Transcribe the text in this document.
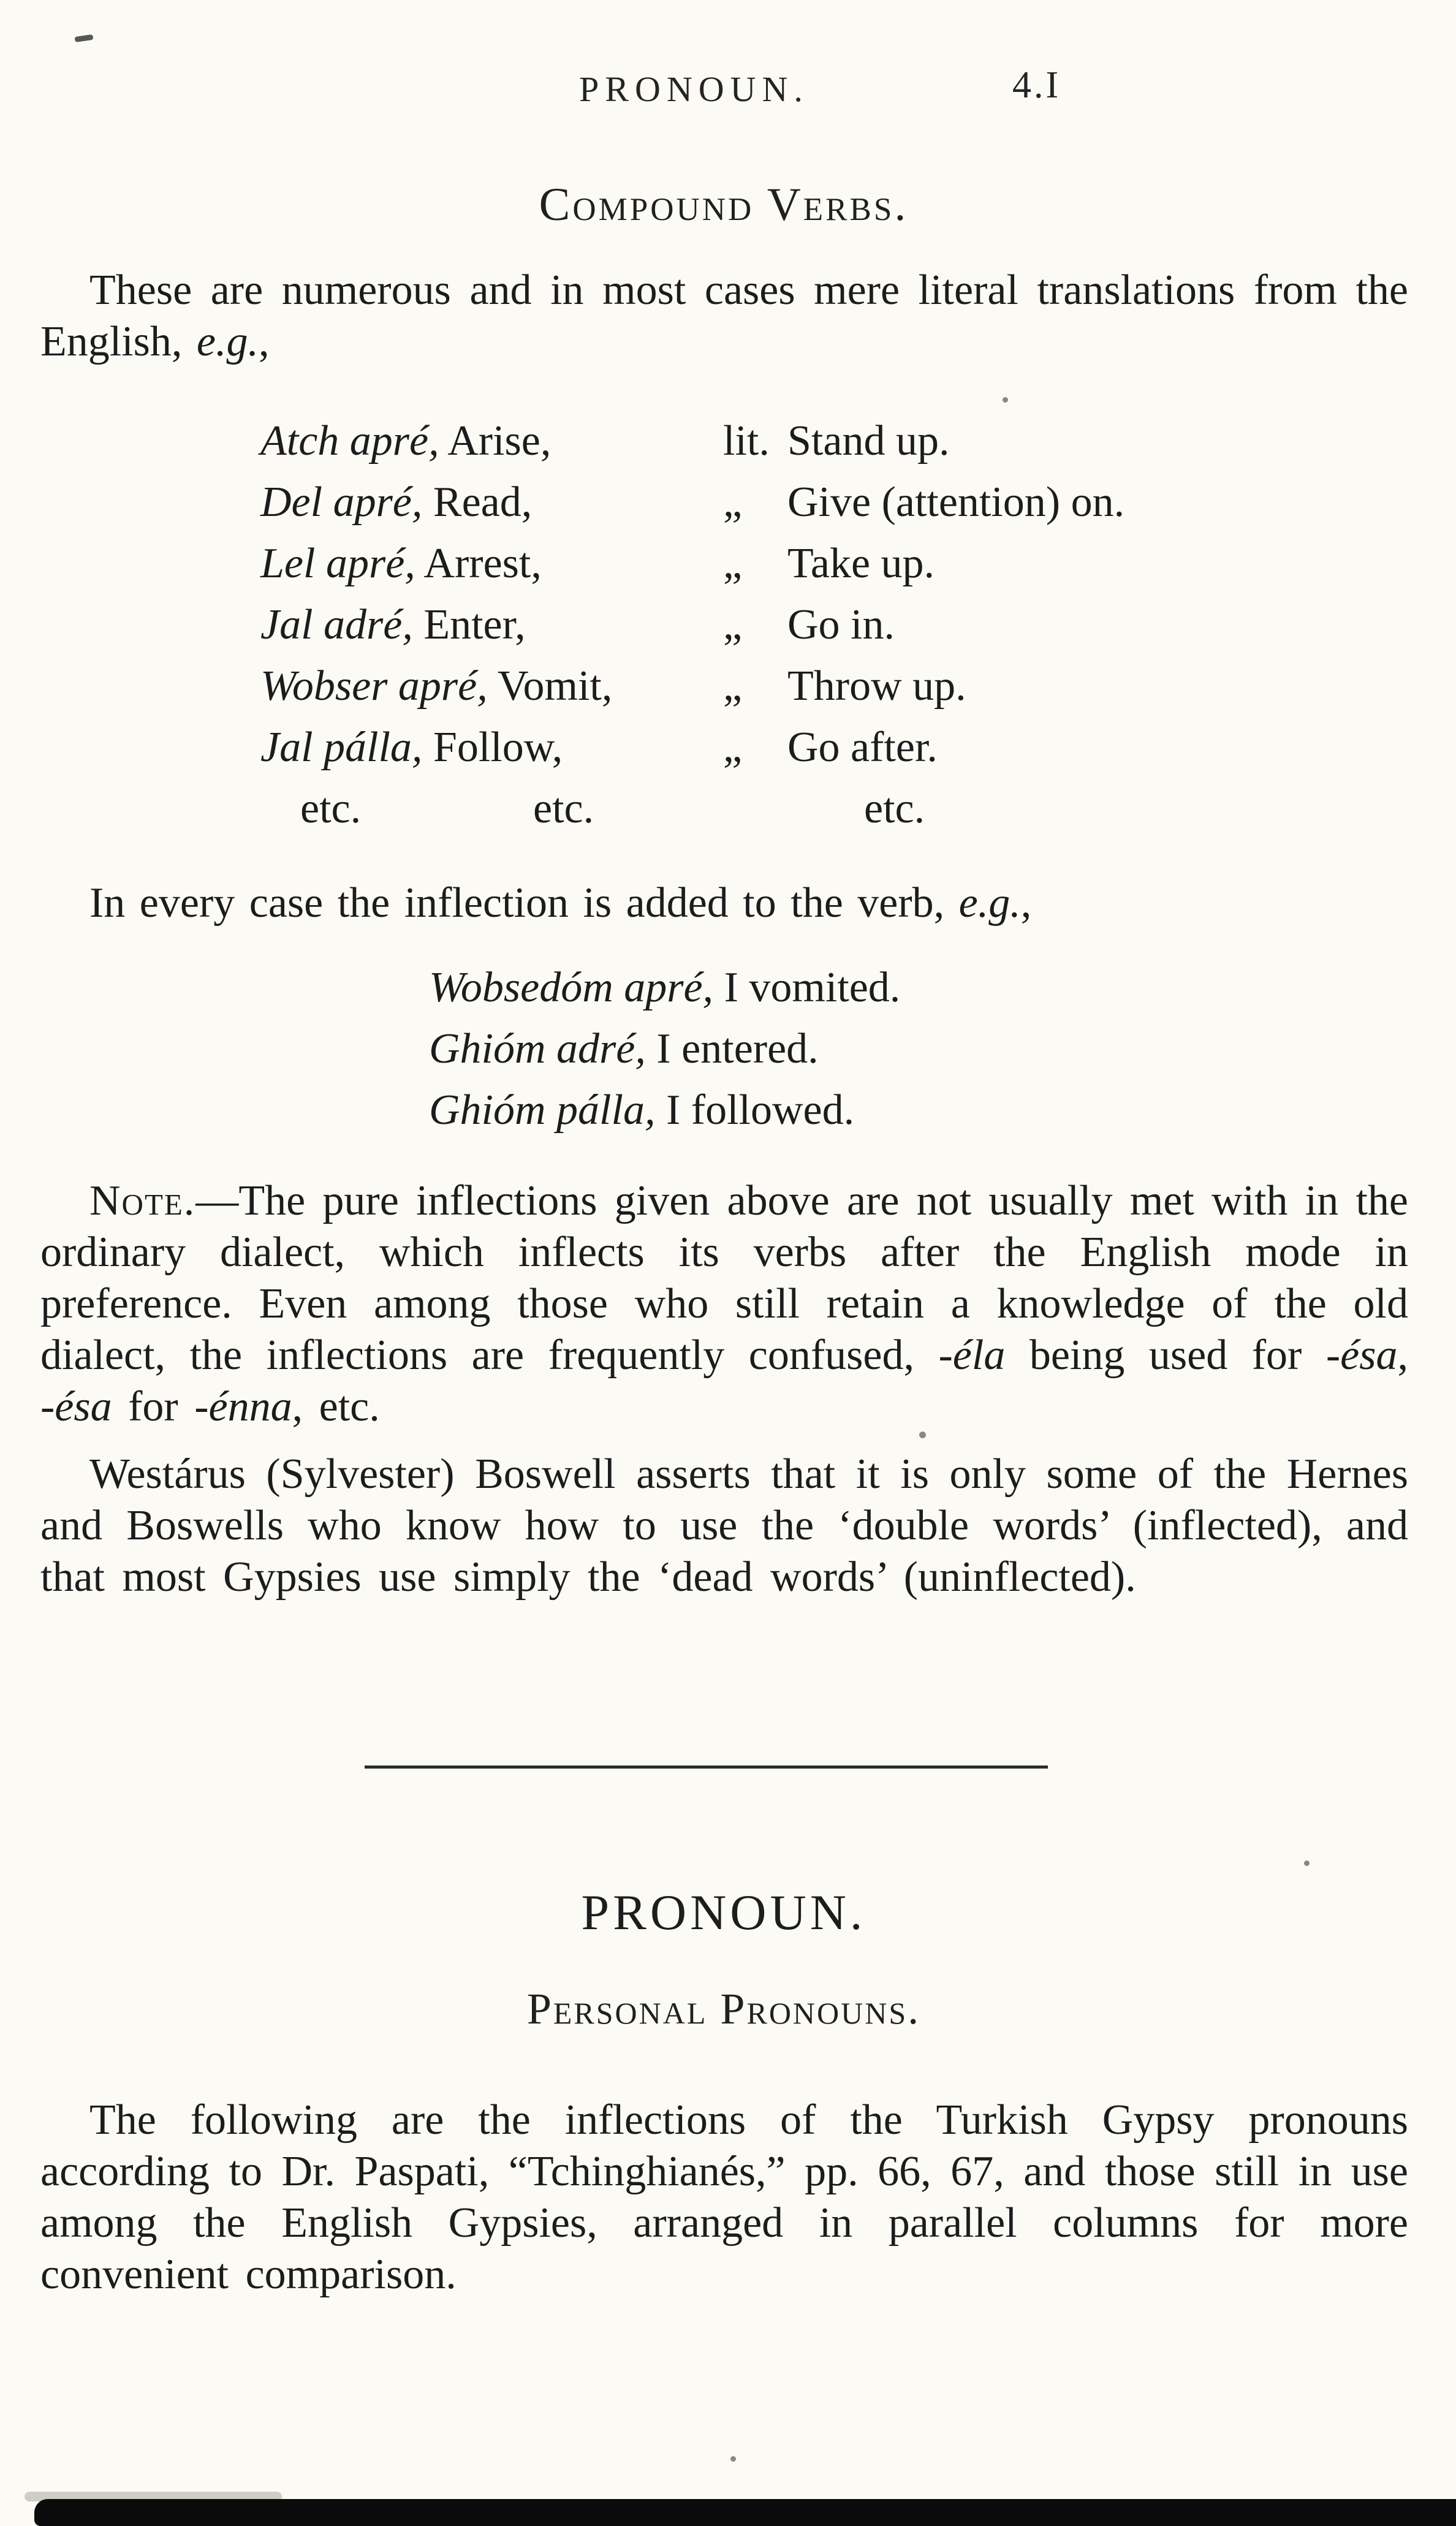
PRONOUN.	4.I
Compound Verbs.

These are numerous and in most cases mere literal translations from the English, e.g.,

Atch apré, Arise,	lit. Stand up.
Del apré, Read,	„	Give (attention) on.
Lel apré, Arrest,	„	Take up.
Jal adré, Enter,	„	Go in.
Wobser apré, Vomit,	„	Throw up.
Jal pálla, Follow,	„	Go after.
etc.	etc.	etc.

In every case the inflection is added to the verb, e.g.,

Wobsedóm apré, I vomited.
Ghióm adré, I entered.
Ghióm pálla, I followed.

Note.—The pure inflections given above are not usually met with in the ordinary dialect, which inflects its verbs after the English mode in preference. Even among those who still retain a knowledge of the old dialect, the inflections are frequently confused, -éla being used for -ésa, -ésa for -énna, etc.

Westárus (Sylvester) Boswell asserts that it is only some of the Hernes and Boswells who know how to use the ‘double words’ (inflected), and that most Gypsies use simply the ‘dead words’ (uninflected).

PRONOUN.
Personal Pronouns.

The following are the inflections of the Turkish Gypsy pronouns according to Dr. Paspati, “Tchinghianés,” pp. 66, 67, and those still in use among the English Gypsies, arranged in parallel columns for more convenient comparison.
